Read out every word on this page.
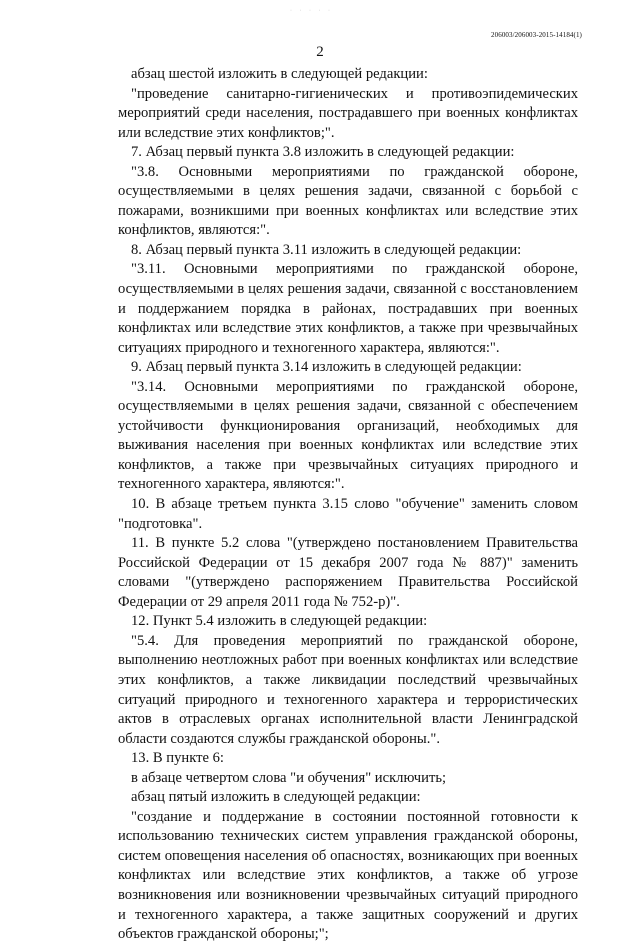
· · · · ·
206003/206003-2015-14184(1)
2

абзац шестой изложить в следующей редакции:

"проведение санитарно-гигиенических и противоэпидемических мероприятий среди населения, пострадавшего при военных конфликтах или вследствие этих конфликтов;".

7. Абзац первый пункта 3.8 изложить в следующей редакции:

"3.8. Основными мероприятиями по гражданской обороне, осуществляемыми в целях решения задачи, связанной с борьбой с пожарами, возникшими при военных конфликтах или вследствие этих конфликтов, являются:".

8. Абзац первый пункта 3.11 изложить в следующей редакции:

"3.11. Основными мероприятиями по гражданской обороне, осуществляемыми в целях решения задачи, связанной с восстановлением и поддержанием порядка в районах, пострадавших при военных конфликтах или вследствие этих конфликтов, а также при чрезвычайных ситуациях природного и техногенного характера, являются:".

9. Абзац первый пункта 3.14 изложить в следующей редакции:

"3.14. Основными мероприятиями по гражданской обороне, осуществляемыми в целях решения задачи, связанной с обеспечением устойчивости функционирования организаций, необходимых для выживания населения при военных конфликтах или вследствие этих конфликтов, а также при чрезвычайных ситуациях природного и техногенного характера, являются:".

10. В абзаце третьем пункта 3.15 слово "обучение" заменить словом "подготовка".

11. В пункте 5.2 слова "(утверждено постановлением Правительства Российской Федерации от 15 декабря 2007 года № 887)" заменить словами "(утверждено распоряжением Правительства Российской Федерации от 29 апреля 2011 года № 752-р)".

12. Пункт 5.4 изложить в следующей редакции:

"5.4. Для проведения мероприятий по гражданской обороне, выполнению неотложных работ при военных конфликтах или вследствие этих конфликтов, а также ликвидации последствий чрезвычайных ситуаций природного и техногенного характера и террористических актов в отраслевых органах исполнительной власти Ленинградской области создаются службы гражданской обороны.".

13. В пункте 6:

в абзаце четвертом слова "и обучения" исключить;

абзац пятый изложить в следующей редакции:

"создание и поддержание в состоянии постоянной готовности к использованию технических систем управления гражданской обороны, систем оповещения населения об опасностях, возникающих при военных конфликтах или вследствие этих конфликтов, а также об угрозе возникновения или возникновении чрезвычайных ситуаций природного и техногенного характера, а также защитных сооружений и других объектов гражданской обороны;";
